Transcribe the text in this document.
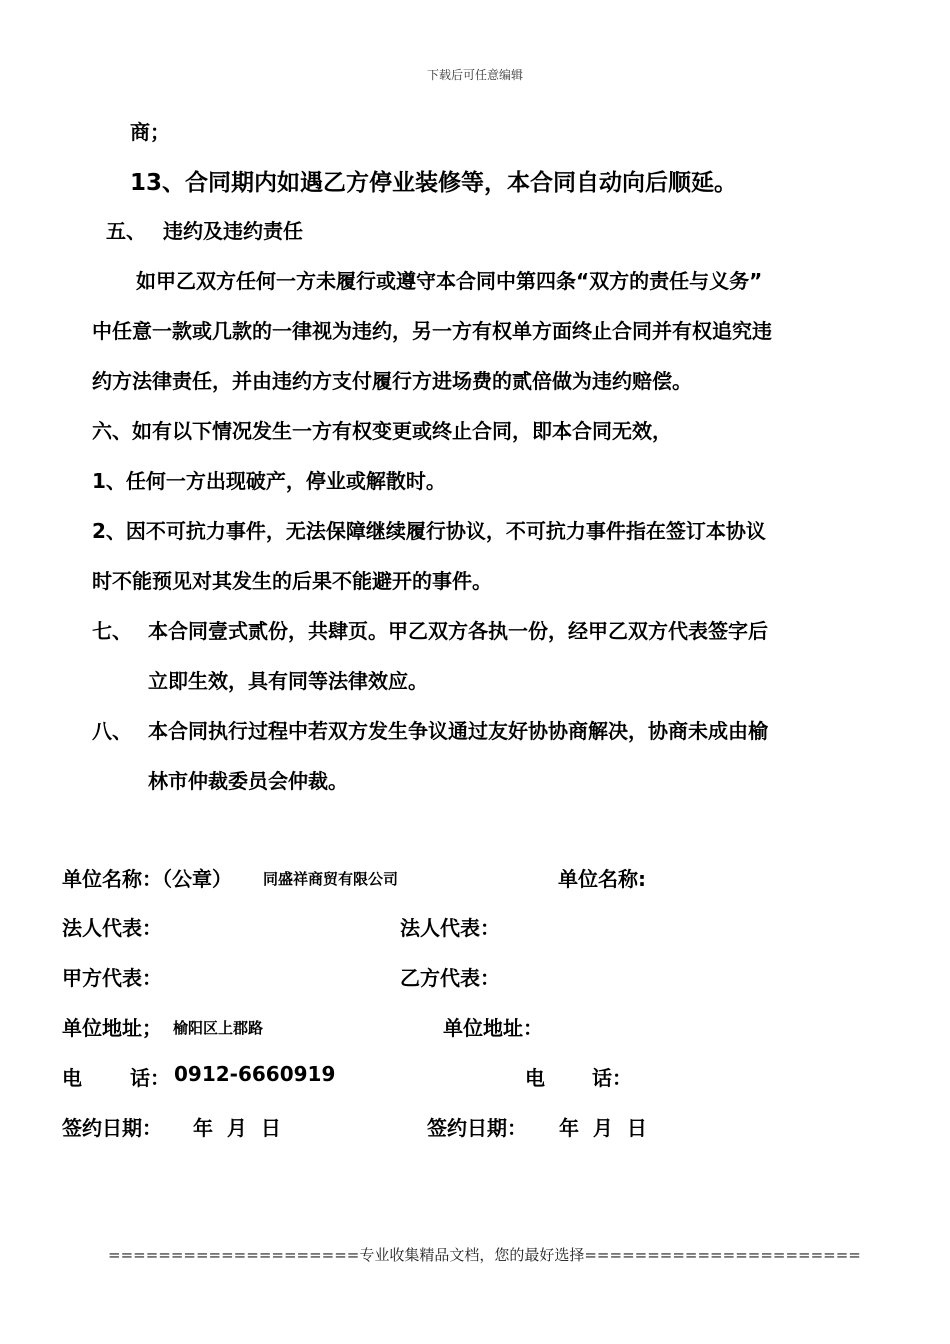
下载后可任意编辑
商；
13、合同期内如遇乙方停业装修等，本合同自动向后顺延。
五、 违约及违约责任
如甲乙双方任何一方未履行或遵守本合同中第四条“双方的责任与义务”
中任意一款或几款的一律视为违约，另一方有权单方面终止合同并有权追究违
约方法律责任，并由违约方支付履行方进场费的贰倍做为违约赔偿。
六、如有以下情况发生一方有权变更或终止合同，即本合同无效，
1、任何一方出现破产，停业或解散时。
2、因不可抗力事件，无法保障继续履行协议，不可抗力事件指在签订本协议
时不能预见对其发生的后果不能避开的事件。
七、 本合同壹式贰份，共肆页。甲乙双方各执一份，经甲乙双方代表签字后
立即生效，具有同等法律效应。
八、 本合同执行过程中若双方发生争议通过友好协协商解决，协商未成由榆
林市仲裁委员会仲裁。
单位名称：（公章） 同盛祥商贸有限公司	单位名称:
法人代表：	法人代表：
甲方代表：	乙方代表：
单位地址； 榆阳区上郡路	单位地址：
电 话： 0912-6660919	电 话：
签约日期： 年  月  日	签约日期： 年  月  日
====================专业收集精品文档，您的最好选择======================
